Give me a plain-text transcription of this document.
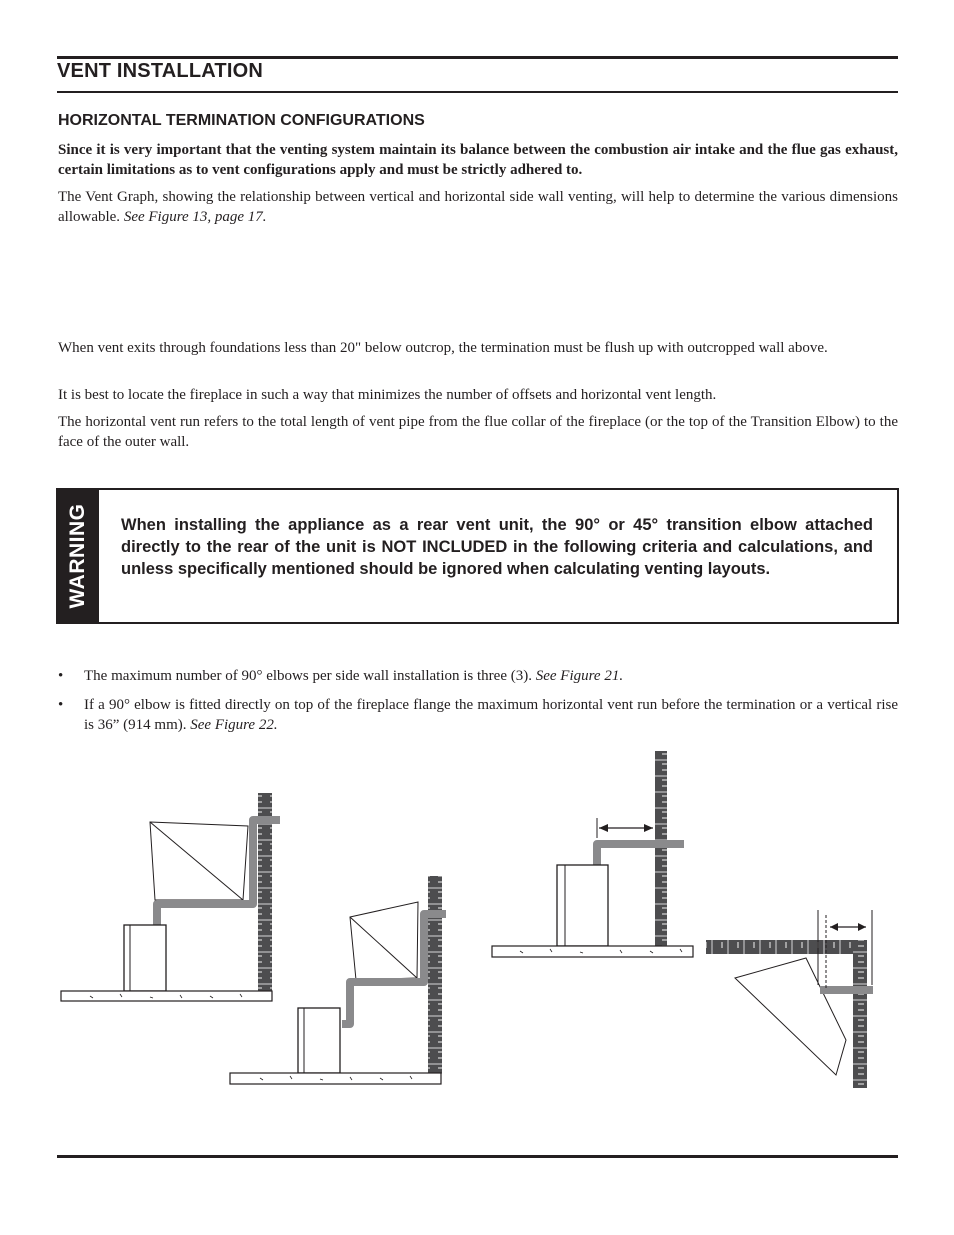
VENT INSTALLATION
HORIZONTAL TERMINATION CONFIGURATIONS
Since it is very important that the venting system maintain its balance between the combustion air intake and the flue gas exhaust, certain limitations as to vent configurations apply and must be strictly adhered to.
The Vent Graph, showing the relationship between vertical and horizontal side wall venting, will help to determine the various dimensions allowable. See Figure 13, page 17.
When vent exits through foundations less than 20" below outcrop, the termination must be flush up with outcropped wall above.
It is best to locate the fireplace in such a way that minimizes the number of offsets and horizontal vent length.
The horizontal vent run refers to the total length of vent pipe from the flue collar of the fireplace (or the top of the Transition Elbow) to the face of the outer wall.
WARNING When installing the appliance as a rear vent unit, the 90° or 45° transition elbow attached directly to the rear of the unit is NOT INCLUDED in the following criteria and calculations, and unless specifically mentioned should be ignored when calculating venting layouts.
• The maximum number of 90° elbows per side wall installation is three (3). See Figure 21.
• If a 90° elbow is fitted directly on top of the fireplace flange the maximum horizontal vent run before the termination or a vertical rise is 36” (914 mm). See Figure 22.
